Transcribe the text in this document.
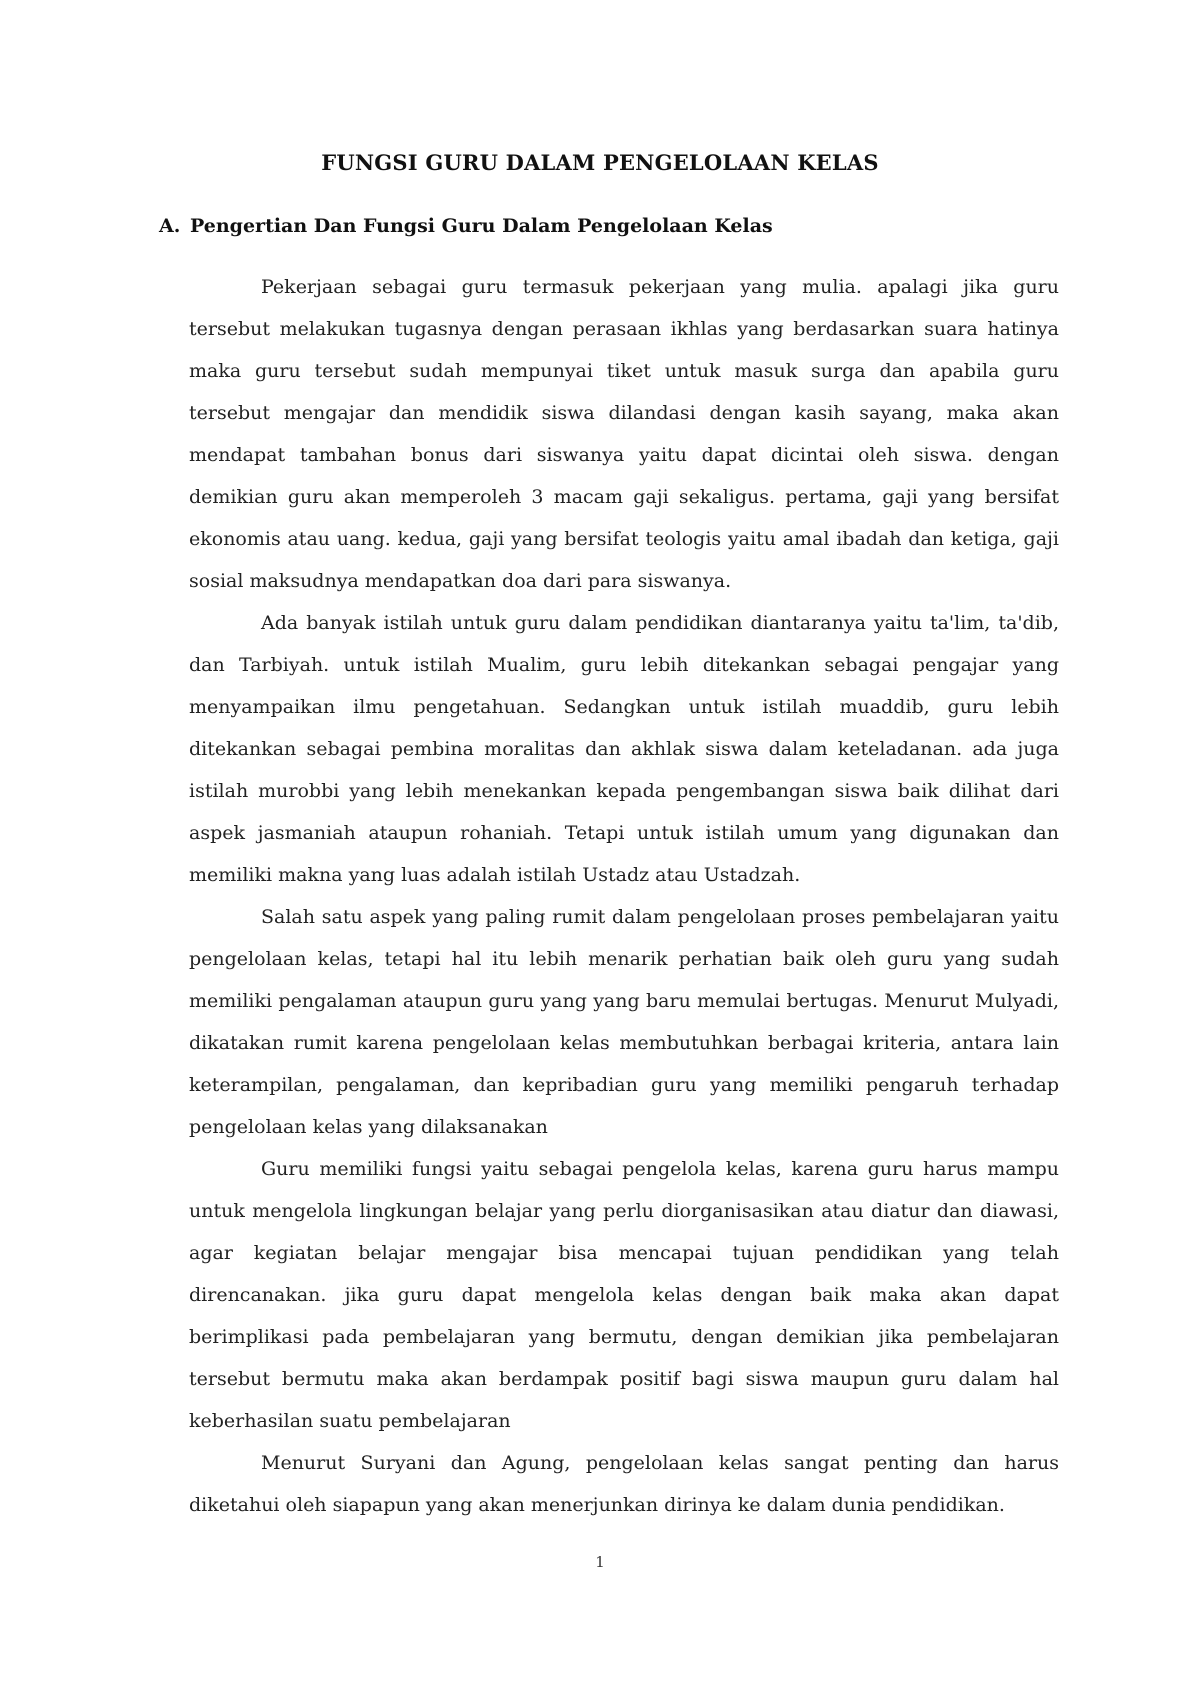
FUNGSI GURU DALAM PENGELOLAAN KELAS
A. Pengertian Dan Fungsi Guru Dalam Pengelolaan Kelas

Pekerjaan sebagai guru termasuk pekerjaan yang mulia. apalagi jika guru tersebut melakukan tugasnya dengan perasaan ikhlas yang berdasarkan suara hatinya maka guru tersebut sudah mempunyai tiket untuk masuk surga dan apabila guru tersebut mengajar dan mendidik siswa dilandasi dengan kasih sayang, maka akan mendapat tambahan bonus dari siswanya yaitu dapat dicintai oleh siswa. dengan demikian guru akan memperoleh 3 macam gaji sekaligus. pertama, gaji yang bersifat ekonomis atau uang. kedua, gaji yang bersifat teologis yaitu amal ibadah dan ketiga, gaji sosial maksudnya mendapatkan doa dari para siswanya.

Ada banyak istilah untuk guru dalam pendidikan diantaranya yaitu ta'lim, ta'dib, dan Tarbiyah. untuk istilah Mualim, guru lebih ditekankan sebagai pengajar yang menyampaikan ilmu pengetahuan. Sedangkan untuk istilah muaddib, guru lebih ditekankan sebagai pembina moralitas dan akhlak siswa dalam keteladanan. ada juga istilah murobbi yang lebih menekankan kepada pengembangan siswa baik dilihat dari aspek jasmaniah ataupun rohaniah. Tetapi untuk istilah umum yang digunakan dan memiliki makna yang luas adalah istilah Ustadz atau Ustadzah.

Salah satu aspek yang paling rumit dalam pengelolaan proses pembelajaran yaitu pengelolaan kelas, tetapi hal itu lebih menarik perhatian baik oleh guru yang sudah memiliki pengalaman ataupun guru yang yang baru memulai bertugas. Menurut Mulyadi, dikatakan rumit karena pengelolaan kelas membutuhkan berbagai kriteria, antara lain keterampilan, pengalaman, dan kepribadian guru yang memiliki pengaruh terhadap pengelolaan kelas yang dilaksanakan

Guru memiliki fungsi yaitu sebagai pengelola kelas, karena guru harus mampu untuk mengelola lingkungan belajar yang perlu diorganisasikan atau diatur dan diawasi, agar kegiatan belajar mengajar bisa mencapai tujuan pendidikan yang telah direncanakan. jika guru dapat mengelola kelas dengan baik maka akan dapat berimplikasi pada pembelajaran yang bermutu, dengan demikian jika pembelajaran tersebut bermutu maka akan berdampak positif bagi siswa maupun guru dalam hal keberhasilan suatu pembelajaran

Menurut Suryani dan Agung, pengelolaan kelas sangat penting dan harus diketahui oleh siapapun yang akan menerjunkan dirinya ke dalam dunia pendidikan.

1
